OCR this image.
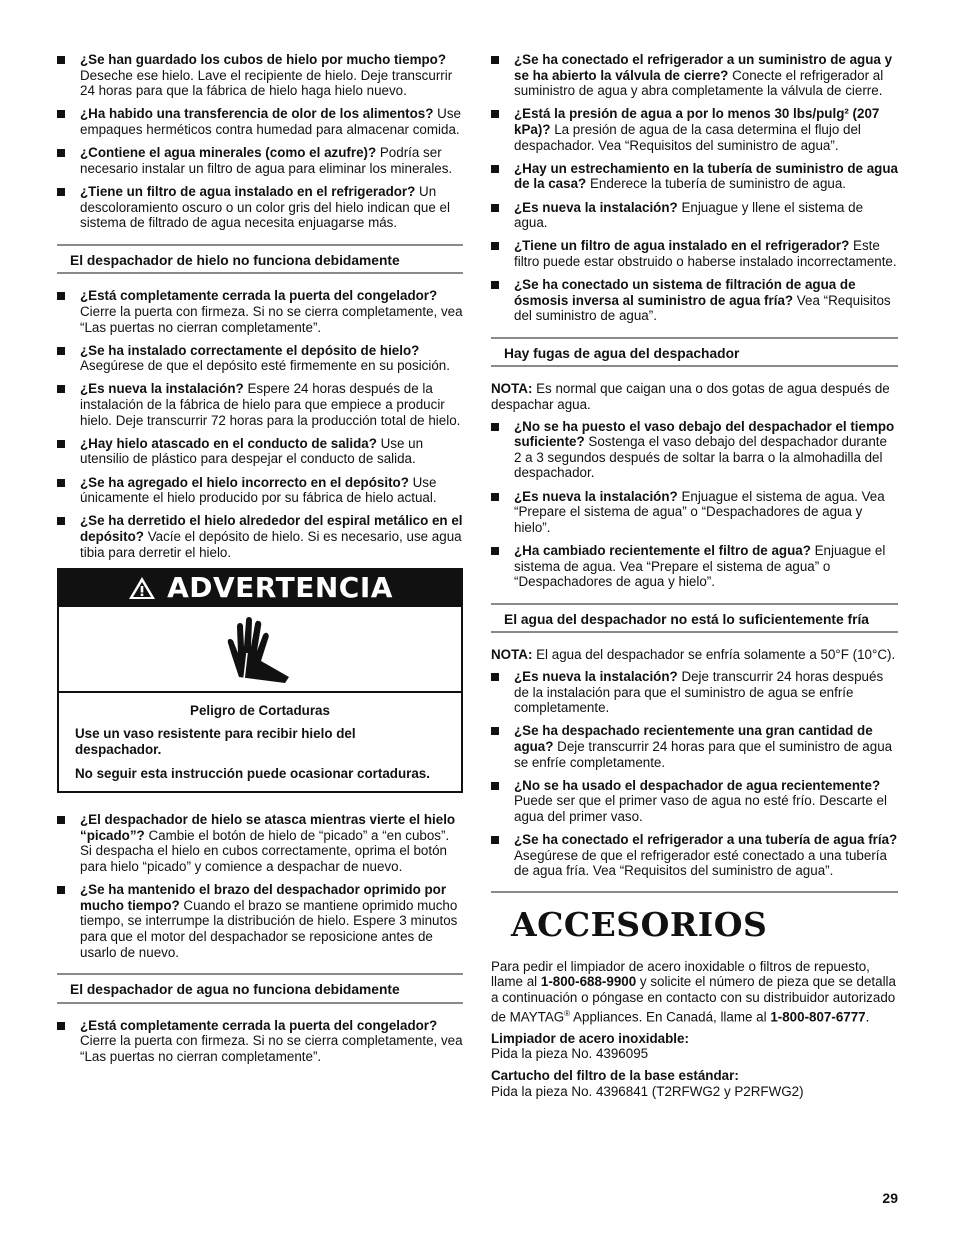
¿Se han guardado los cubos de hielo por mucho tiempo? Deseche ese hielo. Lave el recipiente de hielo. Deje transcurrir 24 horas para que la fábrica de hielo haga hielo nuevo.
¿Ha habido una transferencia de olor de los alimentos? Use empaques herméticos contra humedad para almacenar comida.
¿Contiene el agua minerales (como el azufre)? Podría ser necesario instalar un filtro de agua para eliminar los minerales.
¿Tiene un filtro de agua instalado en el refrigerador? Un descoloramiento oscuro o un color gris del hielo indican que el sistema de filtrado de agua necesita enjuagarse más.
El despachador de hielo no funciona debidamente
¿Está completamente cerrada la puerta del congelador? Cierre la puerta con firmeza. Si no se cierra completamente, vea “Las puertas no cierran completamente”.
¿Se ha instalado correctamente el depósito de hielo? Asegúrese de que el depósito esté firmemente en su posición.
¿Es nueva la instalación? Espere 24 horas después de la instalación de la fábrica de hielo para que empiece a producir hielo. Deje transcurrir 72 horas para la producción total de hielo.
¿Hay hielo atascado en el conducto de salida? Use un utensilio de plástico para despejar el conducto de salida.
¿Se ha agregado el hielo incorrecto en el depósito? Use únicamente el hielo producido por su fábrica de hielo actual.
¿Se ha derretido el hielo alrededor del espiral metálico en el depósito? Vacíe el depósito de hielo. Si es necesario, use agua tibia para derretir el hielo.
ADVERTENCIA
Peligro de Cortaduras

Use un vaso resistente para recibir hielo del despachador.

No seguir esta instrucción puede ocasionar cortaduras.

¿El despachador de hielo se atasca mientras vierte el hielo “picado”? Cambie el botón de hielo de “picado” a “en cubos”. Si despacha el hielo en cubos correctamente, oprima el botón para hielo “picado” y comience a despachar de nuevo.
¿Se ha mantenido el brazo del despachador oprimido por mucho tiempo? Cuando el brazo se mantiene oprimido mucho tiempo, se interrumpe la distribución de hielo. Espere 3 minutos para que el motor del despachador se reposicione antes de usarlo de nuevo.
El despachador de agua no funciona debidamente
¿Está completamente cerrada la puerta del congelador? Cierre la puerta con firmeza. Si no se cierra completamente, vea “Las puertas no cierran completamente”.
¿Se ha conectado el refrigerador a un suministro de agua y se ha abierto la válvula de cierre? Conecte el refrigerador al suministro de agua y abra completamente la válvula de cierre.
¿Está la presión de agua a por lo menos 30 lbs/pulg² (207 kPa)? La presión de agua de la casa determina el flujo del despachador. Vea “Requisitos del suministro de agua”.
¿Hay un estrechamiento en la tubería de suministro de agua de la casa? Enderece la tubería de suministro de agua.
¿Es nueva la instalación? Enjuague y llene el sistema de agua.
¿Tiene un filtro de agua instalado en el refrigerador? Este filtro puede estar obstruido o haberse instalado incorrectamente.
¿Se ha conectado un sistema de filtración de agua de ósmosis inversa al suministro de agua fría? Vea “Requisitos del suministro de agua”.
Hay fugas de agua del despachador

NOTA: Es normal que caigan una o dos gotas de agua después de despachar agua.

¿No se ha puesto el vaso debajo del despachador el tiempo suficiente? Sostenga el vaso debajo del despachador durante 2 a 3 segundos después de soltar la barra o la almohadilla del despachador.
¿Es nueva la instalación? Enjuague el sistema de agua. Vea “Prepare el sistema de agua” o “Despachadores de agua y hielo”.
¿Ha cambiado recientemente el filtro de agua? Enjuague el sistema de agua. Vea “Prepare el sistema de agua” o “Despachadores de agua y hielo”.
El agua del despachador no está lo suficientemente fría

NOTA: El agua del despachador se enfría solamente a 50°F (10°C).

¿Es nueva la instalación? Deje transcurrir 24 horas después de la instalación para que el suministro de agua se enfríe completamente.
¿Se ha despachado recientemente una gran cantidad de agua? Deje transcurrir 24 horas para que el suministro de agua se enfríe completamente.
¿No se ha usado el despachador de agua recientemente? Puede ser que el primer vaso de agua no esté frío. Descarte el agua del primer vaso.
¿Se ha conectado el refrigerador a una tubería de agua fría? Asegúrese de que el refrigerador esté conectado a una tubería de agua fría. Vea “Requisitos del suministro de agua”.
ACCESORIOS

Para pedir el limpiador de acero inoxidable o filtros de repuesto, llame al 1-800-688-9900 y solicite el número de pieza que se detalla a continuación o póngase en contacto con su distribuidor autorizado de MAYTAG® Appliances. En Canadá, llame al 1-800-807-6777.

Limpiador de acero inoxidable:
Pida la pieza No. 4396095

Cartucho del filtro de la base estándar:
Pida la pieza No. 4396841 (T2RFWG2 y P2RFWG2)

29
